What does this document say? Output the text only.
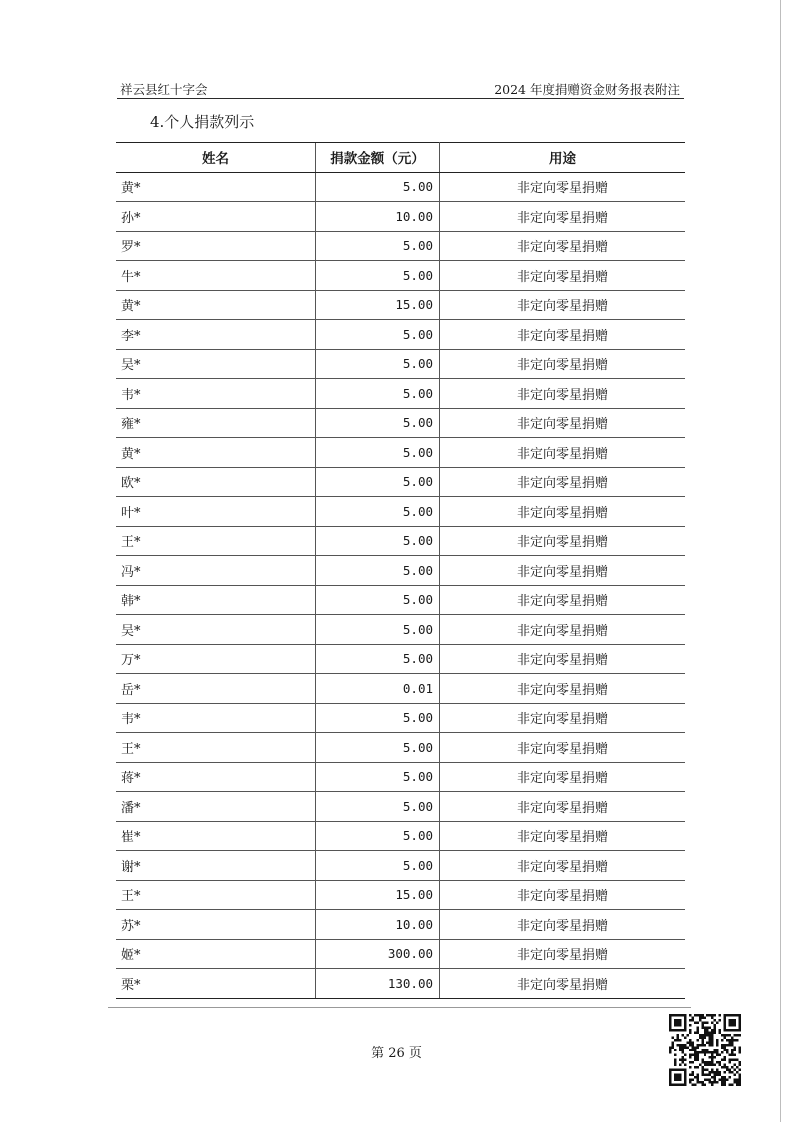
祥云县红十字会	2024 年度捐赠资金财务报表附注
4.个人捐款列示
姓名	捐款金额（元）	用途
黄*	5.00	非定向零星捐赠
孙*	10.00	非定向零星捐赠
罗*	5.00	非定向零星捐赠
牛*	5.00	非定向零星捐赠
黄*	15.00	非定向零星捐赠
李*	5.00	非定向零星捐赠
吴*	5.00	非定向零星捐赠
韦*	5.00	非定向零星捐赠
雍*	5.00	非定向零星捐赠
黄*	5.00	非定向零星捐赠
欧*	5.00	非定向零星捐赠
叶*	5.00	非定向零星捐赠
王*	5.00	非定向零星捐赠
冯*	5.00	非定向零星捐赠
韩*	5.00	非定向零星捐赠
吴*	5.00	非定向零星捐赠
万*	5.00	非定向零星捐赠
岳*	0.01	非定向零星捐赠
韦*	5.00	非定向零星捐赠
王*	5.00	非定向零星捐赠
蒋*	5.00	非定向零星捐赠
潘*	5.00	非定向零星捐赠
崔*	5.00	非定向零星捐赠
谢*	5.00	非定向零星捐赠
王*	15.00	非定向零星捐赠
苏*	10.00	非定向零星捐赠
姬*	300.00	非定向零星捐赠
栗*	130.00	非定向零星捐赠
第 26 页
